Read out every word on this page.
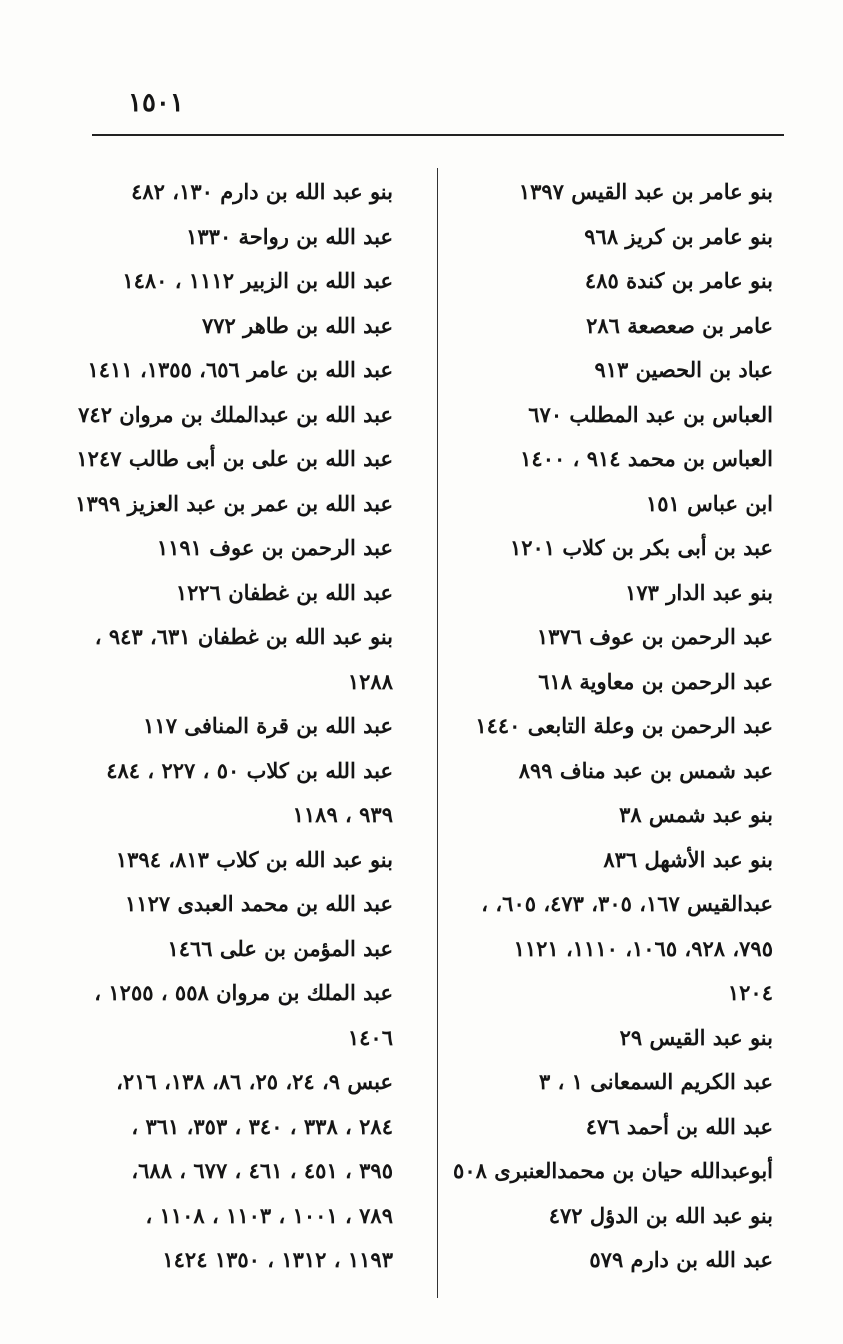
١٥٠١
بنو عامر بن عبد القيس ١٣٩٧
بنو عامر بن كريز ٩٦٨
بنو عامر بن كندة ٤٨٥
عامر بن صعصعة ٢٨٦
عباد بن الحصين ٩١٣
العباس بن عبد المطلب ٦٧٠
العباس بن محمد ٩١٤ ، ١٤٠٠
ابن عباس ١٥١
عبد بن أبى بكر بن كلاب ١٢٠١
بنو عبد الدار ١٧٣
عبد الرحمن بن عوف ١٣٧٦
عبد الرحمن بن معاوية ٦١٨
عبد الرحمن بن وعلة التابعى ١٤٤٠
عبد شمس بن عبد مناف ٨٩٩
بنو عبد شمس ٣٨
بنو عبد الأشهل ٨٣٦
عبدالقيس ١٦٧، ٣٠٥، ٤٧٣، ٦٠٥، ،
٧٩٥، ٩٢٨، ١٠٦٥، ١١١٠، ١١٢١
١٢٠٤
بنو عبد القيس ٢٩
عبد الكريم السمعانى ١ ، ٣
عبد الله بن أحمد ٤٧٦
أبوعبدالله حيان بن محمدالعنبرى ٥٠٨
بنو عبد الله بن الدؤل ٤٧٢
عبد الله بن دارم ٥٧٩
بنو عبد الله بن دارم ١٣٠، ٤٨٢
عبد الله بن رواحة ١٣٣٠
عبد الله بن الزبير ١١١٢ ، ١٤٨٠
عبد الله بن طاهر ٧٧٢
عبد الله بن عامر ٦٥٦، ١٣٥٥، ١٤١١
عبد الله بن عبدالملك بن مروان ٧٤٢
عبد الله بن على بن أبى طالب ١٢٤٧
عبد الله بن عمر بن عبد العزيز ١٣٩٩
عبد الرحمن بن عوف ١١٩١
عبد الله بن غطفان ١٢٢٦
بنو عبد الله بن غطفان ٦٣١، ٩٤٣ ،
١٢٨٨
عبد الله بن قرة المنافى ١١٧
عبد الله بن كلاب ٥٠ ، ٢٢٧ ، ٤٨٤
٩٣٩ ، ١١٨٩
بنو عبد الله بن كلاب ٨١٣، ١٣٩٤
عبد الله بن محمد العبدى ١١٢٧
عبد المؤمن بن على ١٤٦٦
عبد الملك بن مروان ٥٥٨ ، ١٢٥٥ ،
١٤٠٦
عبس ٩، ٢٤، ٢٥، ٨٦، ١٣٨، ٢١٦،
٢٨٤ ، ٣٣٨ ، ٣٤٠ ، ٣٥٣، ٣٦١ ،
٣٩٥ ، ٤٥١ ، ٤٦١ ، ٦٧٧ ، ٦٨٨،
٧٨٩ ، ١٠٠١ ، ١١٠٣ ، ١١٠٨ ،
١١٩٣ ، ١٣١٢ ، ١٣٥٠ ١٤٢٤
